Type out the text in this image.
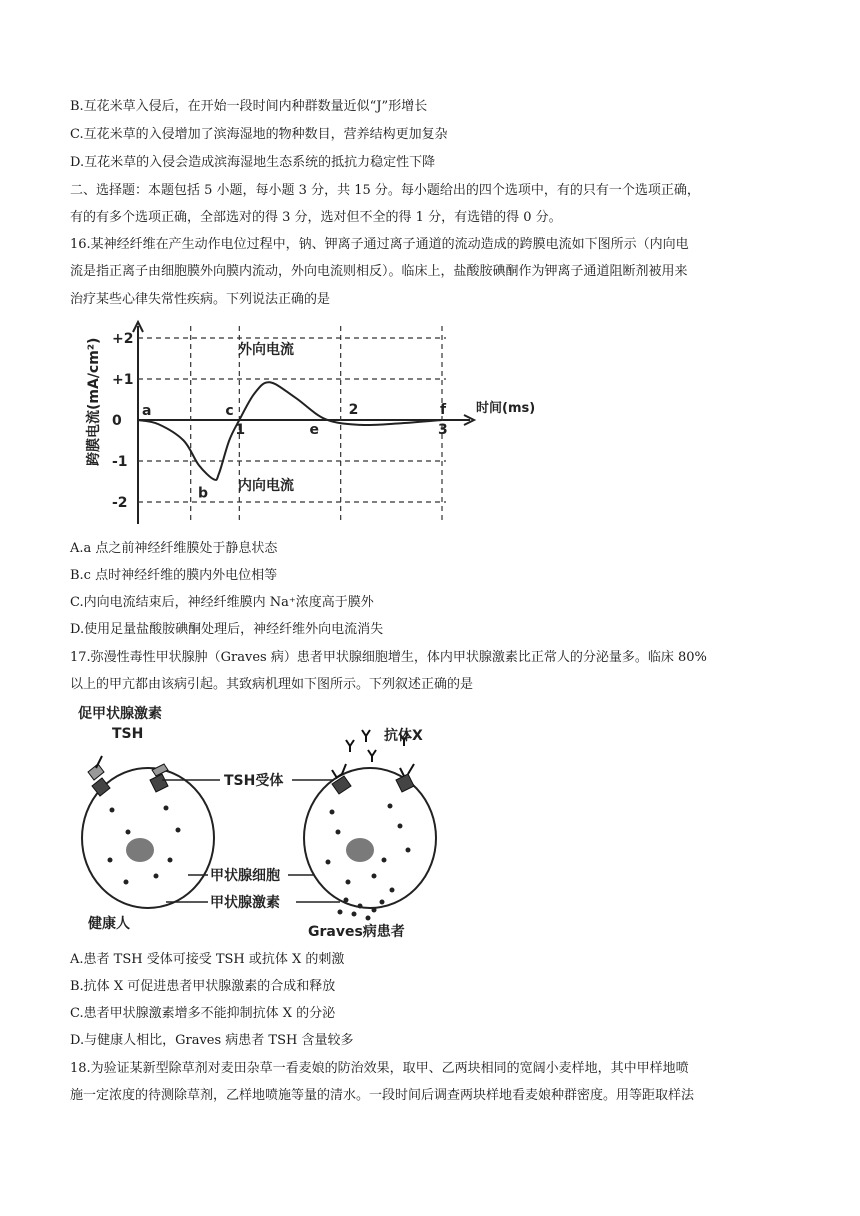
B.互花米草入侵后，在开始一段时间内种群数量近似“J”形增长
C.互花米草的入侵增加了滨海湿地的物种数目，营养结构更加复杂
D.互花米草的入侵会造成滨海湿地生态系统的抵抗力稳定性下降
二、选择题：本题包括 5 小题，每小题 3 分，共 15 分。每小题给出的四个选项中，有的只有一个选项正确，
有的有多个选项正确，全部选对的得 3 分，选对但不全的得 1 分，有选错的得 0 分。
16.某神经纤维在产生动作电位过程中，钠、钾离子通过离子通道的流动造成的跨膜电流如下图所示（内向电
流是指正离子由细胞膜外向膜内流动，外向电流则相反）。临床上，盐酸胺碘酮作为钾离子通道阻断剂被用来
治疗某些心律失常性疾病。下列说法正确的是
+2
+1
0
-1
-2
1
2
3
a
b
c
e
f
跨膜电流(mA/cm²)	时间(ms)
外向电流
内向电流
A.a 点之前神经纤维膜处于静息状态
B.c 点时神经纤维的膜内外电位相等
C.内向电流结束后，神经纤维膜内 Na⁺浓度高于膜外
D.使用足量盐酸胺碘酮处理后，神经纤维外向电流消失
17.弥漫性毒性甲状腺肿（Graves 病）患者甲状腺细胞增生，体内甲状腺激素比正常人的分泌量多。临床 80%
以上的甲亢都由该病引起。其致病机理如下图所示。下列叙述正确的是
促甲状腺激素
TSH	抗体X
TSH受体
甲状腺细胞
甲状腺激素
健康人	Graves病患者
A.患者 TSH 受体可接受 TSH 或抗体 X 的刺激
B.抗体 X 可促进患者甲状腺激素的合成和释放
C.患者甲状腺激素增多不能抑制抗体 X 的分泌
D.与健康人相比，Graves 病患者 TSH 含量较多
18.为验证某新型除草剂对麦田杂草一看麦娘的防治效果，取甲、乙两块相同的宽阔小麦样地，其中甲样地喷
施一定浓度的待测除草剂，乙样地喷施等量的清水。一段时间后调查两块样地看麦娘种群密度。用等距取样法
